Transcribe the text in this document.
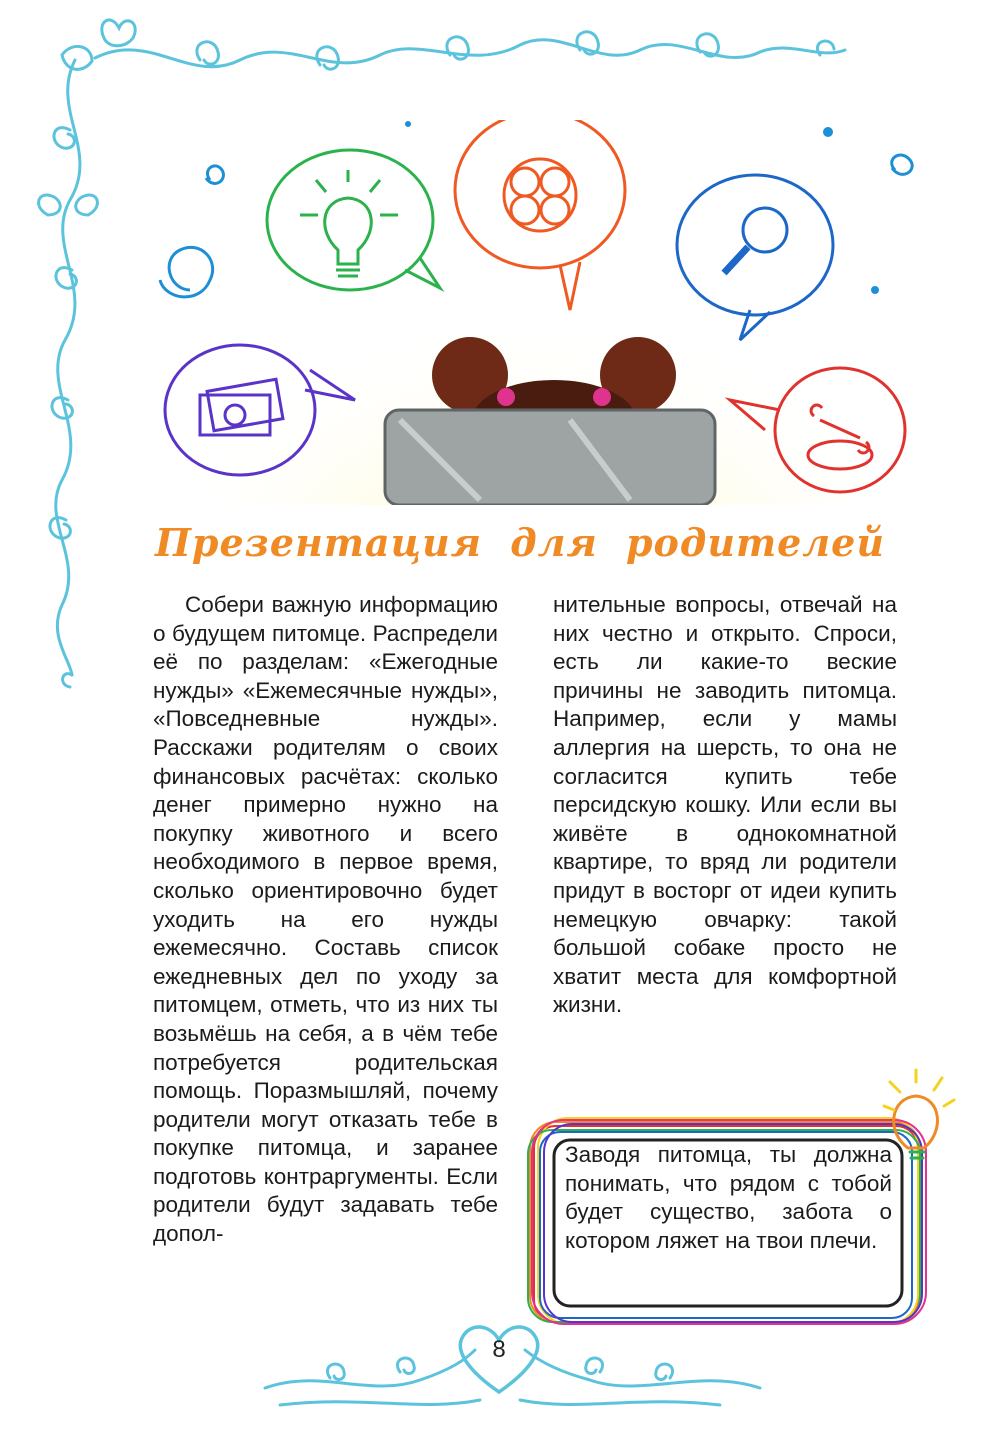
Презентация для родителей

Собери важную информацию о будущем питомце. Распредели её по разделам: «Ежегодные нужды» «Ежемесячные нужды», «Повседневные нужды». Расскажи родителям о своих финансовых расчётах: сколько денег примерно нужно на покупку животного и всего необходимого в первое время, сколько ориентировочно будет уходить на его нужды ежемесячно. Составь список ежедневных дел по уходу за питомцем, отметь, что из них ты возьмёшь на себя, а в чём тебе потребуется родительская помощь. Поразмышляй, почему родители могут отказать тебе в покупке питомца, и заранее подготовь контраргументы. Если родители будут задавать тебе допол-

нительные вопросы, отвечай на них честно и открыто. Спроси, есть ли какие-то веские причины не заводить питомца. Например, если у мамы аллергия на шерсть, то она не согласится купить тебе персидскую кошку. Или если вы живёте в однокомнатной квартире, то вряд ли родители придут в восторг от идеи купить немецкую овчарку: такой большой собаке просто не хватит места для комфортной жизни.

Заводя питомца, ты должна понимать, что рядом с тобой будет существо, забота о котором ляжет на твои плечи.
8
